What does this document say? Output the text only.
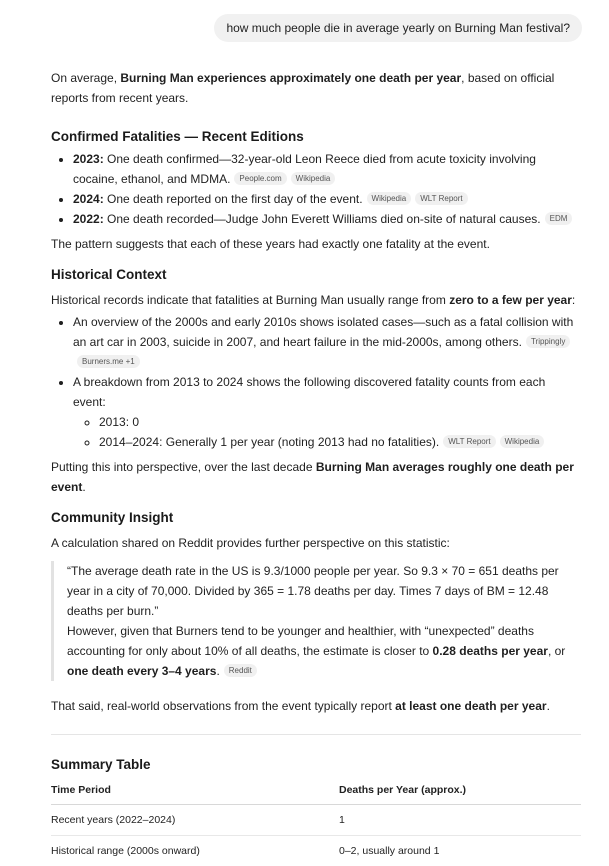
how much people die in average yearly on Burning Man festival?

On average, Burning Man experiences approximately one death per year, based on official reports from recent years.

Confirmed Fatalities — Recent Editions
• 2023: One death confirmed—32-year-old Leon Reece died from acute toxicity involving cocaine, ethanol, and MDMA. People.com Wikipedia
• 2024: One death reported on the first day of the event. Wikipedia WLT Report
• 2022: One death recorded—Judge John Everett Williams died on-site of natural causes. EDM

The pattern suggests that each of these years had exactly one fatality at the event.

Historical Context

Historical records indicate that fatalities at Burning Man usually range from zero to a few per year:

• An overview of the 2000s and early 2010s shows isolated cases—such as a fatal collision with an art car in 2003, suicide in 2007, and heart failure in the mid-2000s, among others. TrippinglyBurners.me +1
• A breakdown from 2013 to 2024 shows the following discovered fatality counts from each event:
◦ 2013: 0
◦ 2014–2024: Generally 1 per year (noting 2013 had no fatalities). WLT Report Wikipedia

Putting this into perspective, over the last decade Burning Man averages roughly one death per event.

Community Insight

A calculation shared on Reddit provides further perspective on this statistic:

“The average death rate in the US is 9.3/1000 people per year. So 9.3 × 70 = 651 deaths per year in a city of 70,000. Divided by 365 = 1.78 deaths per day. Times 7 days of BM = 12.48 deaths per burn.”

However, given that Burners tend to be younger and healthier, with “unexpected” deaths accounting for only about 10% of all deaths, the estimate is closer to 0.28 deaths per year, or one death every 3–4 years. Reddit

That said, real-world observations from the event typically report at least one death per year.

Summary Table
Time Period	Deaths per Year (approx.)
Recent years (2022–2024)	1
Historical range (2000s onward)	0–2, usually around 1
